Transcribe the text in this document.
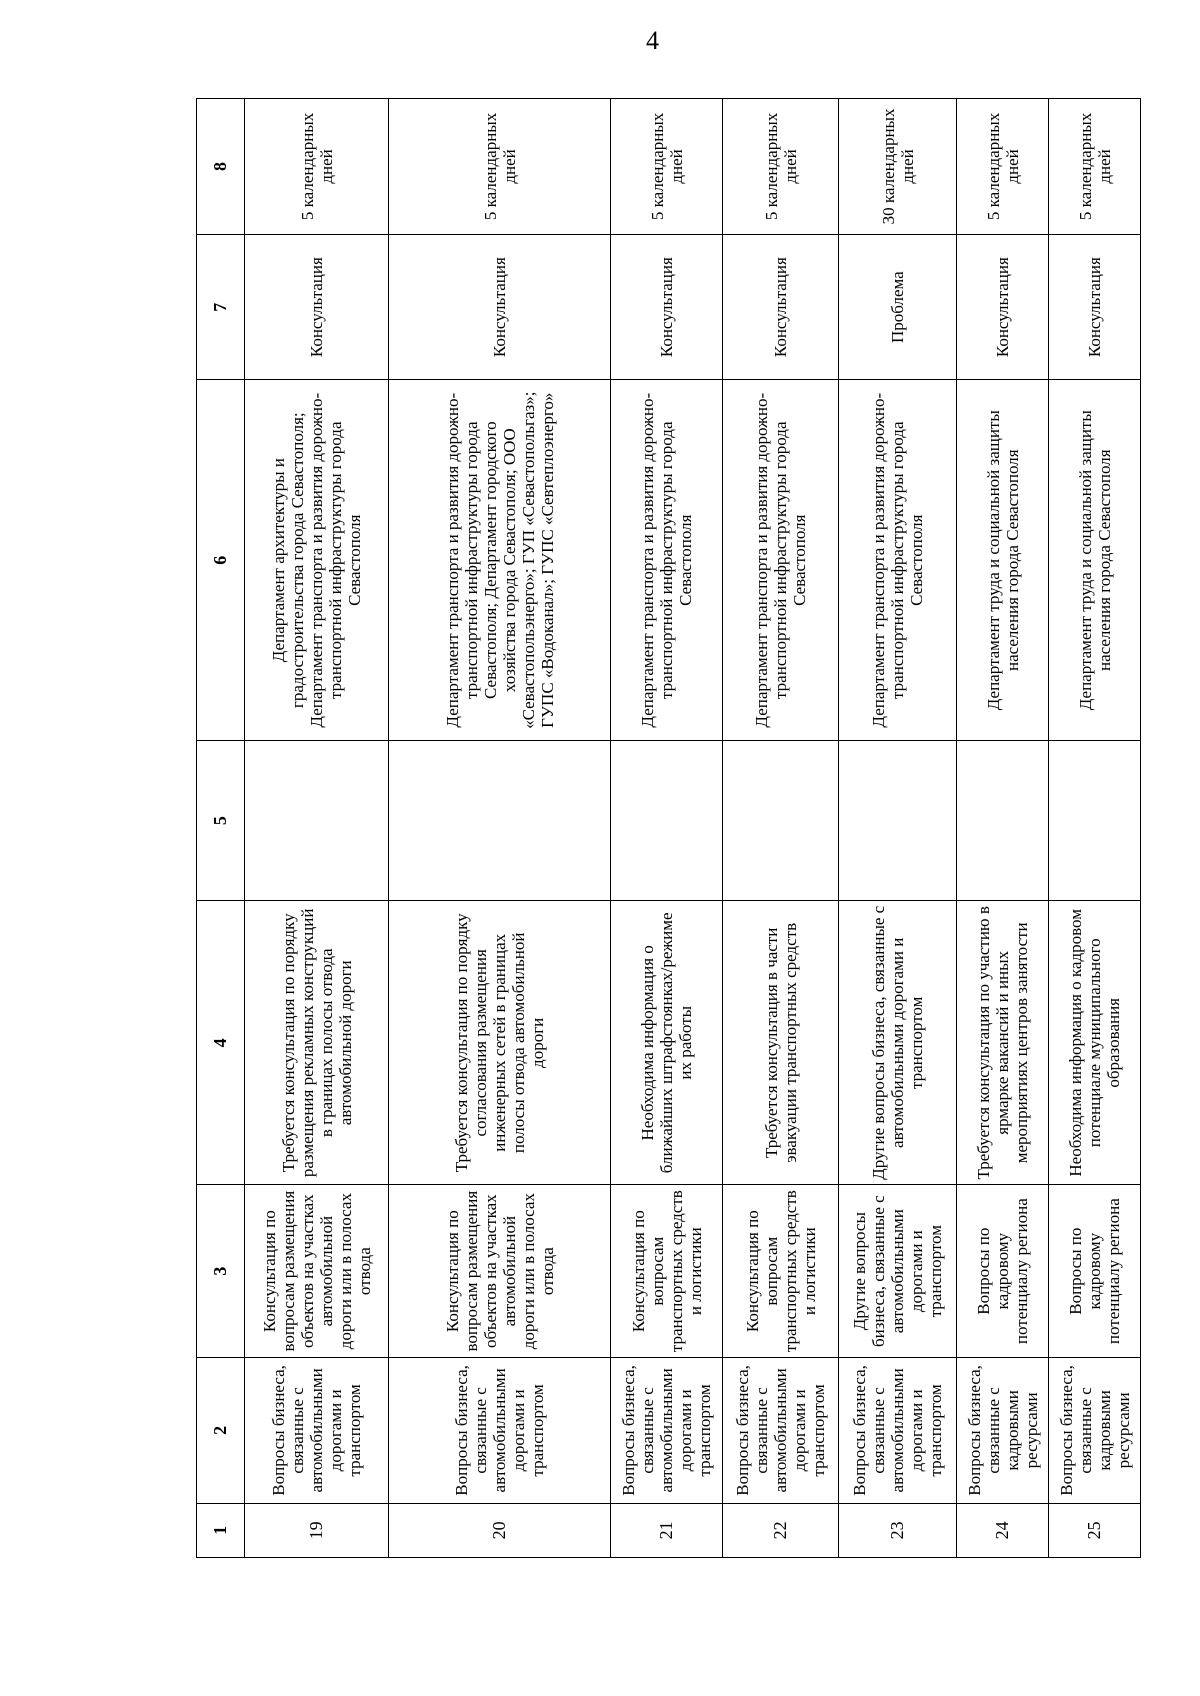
4
1	2	3	4	5	6	7	8
19	Вопросы бизнеса, связанные с автомобильными дорогами и транспортом	Консультация по вопросам размещения объектов на участках автомобильной дороги или в полосах отвода	Требуется консультация по порядку размещения рекламных конструкций в границах полосы отвода автомобильной дороги		Департамент архитектуры и градостроительства города Севастополя; Департамент транспорта и развития дорожно-транспортной инфраструктуры города Севастополя	Консультация	5 календарных дней
20	Вопросы бизнеса, связанные с автомобильными дорогами и транспортом	Консультация по вопросам размещения объектов на участках автомобильной дороги или в полосах отвода	Требуется консультация по порядку согласования размещения инженерных сетей в границах полосы отвода автомобильной дороги		Департамент транспорта и развития дорожно-транспортной инфраструктуры города Севастополя; Департамент городского хозяйства города Севастополя; ООО «Севастопольэнерго»; ГУП «Севастопольгаз»; ГУПС «Водоканал»; ГУПС «Севтеплоэнерго»	Консультация	5 календарных дней
21	Вопросы бизнеса, связанные с автомобильными дорогами и транспортом	Консультация по вопросам транспортных средств и логистики	Необходима информация о ближайших штрафстоянках/режиме их работы		Департамент транспорта и развития дорожно-транспортной инфраструктуры города Севастополя	Консультация	5 календарных дней
22	Вопросы бизнеса, связанные с автомобильными дорогами и транспортом	Консультация по вопросам транспортных средств и логистики	Требуется консультация в части эвакуации транспортных средств		Департамент транспорта и развития дорожно-транспортной инфраструктуры города Севастополя	Консультация	5 календарных дней
23	Вопросы бизнеса, связанные с автомобильными дорогами и транспортом	Другие вопросы бизнеса, связанные с автомобильными дорогами и транспортом	Другие вопросы бизнеса, связанные с автомобильными дорогами и транспортом		Департамент транспорта и развития дорожно-транспортной инфраструктуры города Севастополя	Проблема	30 календарных дней
24	Вопросы бизнеса, связанные с кадровыми ресурсами	Вопросы по кадровому потенциалу региона	Требуется консультация по участию в ярмарке вакансий и иных мероприятиях центров занятости		Департамент труда и социальной защиты населения города Севастополя	Консультация	5 календарных дней
25	Вопросы бизнеса, связанные с кадровыми ресурсами	Вопросы по кадровому потенциалу региона	Необходима информация о кадровом потенциале муниципального образования		Департамент труда и социальной защиты населения города Севастополя	Консультация	5 календарных дней
